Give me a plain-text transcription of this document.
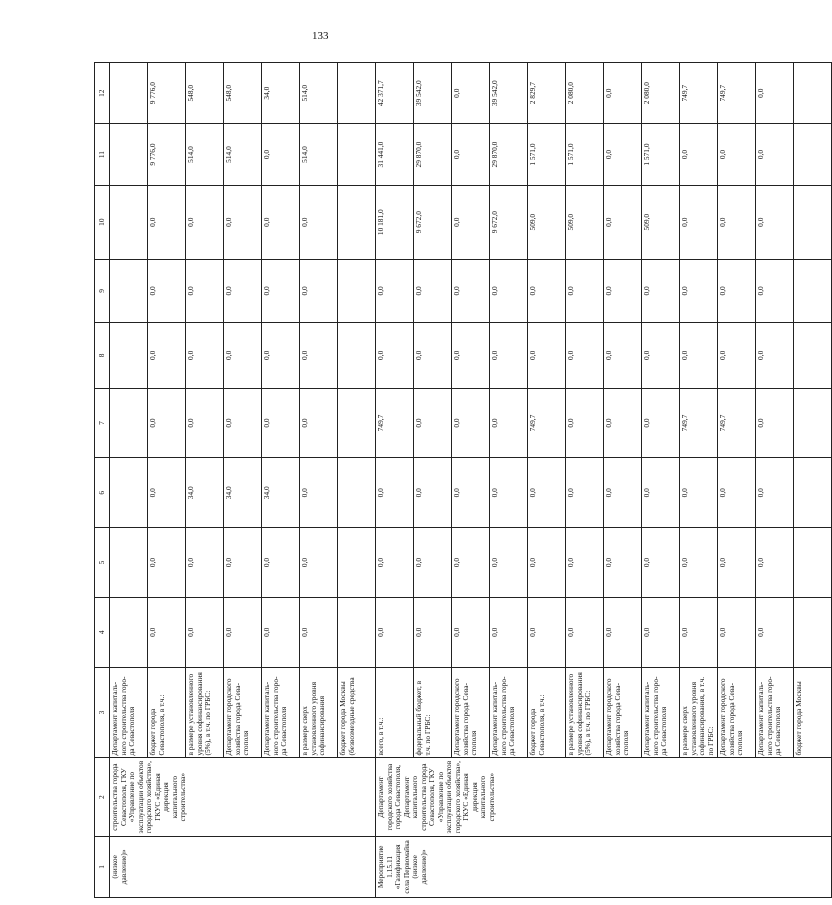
133
1	2	3	4	5	6	7	8	9	10	11	12
(низкое давление)»	строительства города Севастополя, ГКУ «Управление по эксплуатации объектов городского хозяйства», ГКУС «Единая дирекция капитального строительства»	Департамент капиталь-ного строительства горо-да Севастополя									
		бюджет города Севастополя, в т.ч.:	0,0	0,0	0,0	0,0	0,0	0,0	0,0	9 776,0	9 776,0
		в размере установленного уровня софинансирования (5%), в т.ч. по ГРБС:	0,0	0,0	34,0	0,0	0,0	0,0	0,0	514,0	548,0
		Департамент городского хозяйства города Сева-стополя	0,0	0,0	34,0	0,0	0,0	0,0	0,0	514,0	548,0
		Департамент капиталь-ного строительства горо-да Севастополя	0,0	0,0	34,0	0,0	0,0	0,0	0,0	0,0	34,0
		в размере сверх установленного уровня софинансирования	0,0	0,0	0,0	0,0	0,0	0,0	0,0	514,0	514,0
		бюджет города Москвы (безвозмездные средства									
Мероприятие 1.15.11 «Газификация села Первомайка (низкое давление)»	Департамент городского хозяйства города Севастополя, Департамент капитального строительства города Севастополя, ГКУ «Управление по эксплуатации объектов городского хозяйства», ГКУС «Единая дирекция капитального строительства»	всего, в т.ч.:	0,0	0,0	0,0	749,7	0,0	0,0	10 181,0	31 441,0	42 371,7
		федеральный бюджет, в т.ч. по ГРБС:	0,0	0,0	0,0	0,0	0,0	0,0	9 672,0	29 870,0	39 542,0
		Департамент городского хозяйства города Сева-стополя	0,0	0,0	0,0	0,0	0,0	0,0	0,0	0,0	0,0
		Департамент капиталь-ного строительства горо-да Севастополя	0,0	0,0	0,0	0,0	0,0	0,0	9 672,0	29 870,0	39 542,0
		бюджет города Севастополя, в т.ч.:	0,0	0,0	0,0	749,7	0,0	0,0	509,0	1 571,0	2 829,7
		в размере установленного уровня софинансирования (5%), в т.ч. по ГРБС:	0,0	0,0	0,0	0,0	0,0	0,0	509,0	1 571,0	2 080,0
		Департамент городского хозяйства города Сева-стополя	0,0	0,0	0,0	0,0	0,0	0,0	0,0	0,0	0,0
		Департамент капиталь-ного строительства горо-да Севастополя	0,0	0,0	0,0	0,0	0,0	0,0	509,0	1 571,0	2 080,0
		в размере сверх установленного уровня софинансирования, в т.ч. по ГРБС:	0,0	0,0	0,0	749,7	0,0	0,0	0,0	0,0	749,7
		Департамент городского хозяйства города Сева-стополя	0,0	0,0	0,0	749,7	0,0	0,0	0,0	0,0	749,7
		Департамент капиталь-ного строительства горо-да Севастополя	0,0	0,0	0,0	0,0	0,0	0,0	0,0	0,0	0,0
		бюджет города Москвы									
